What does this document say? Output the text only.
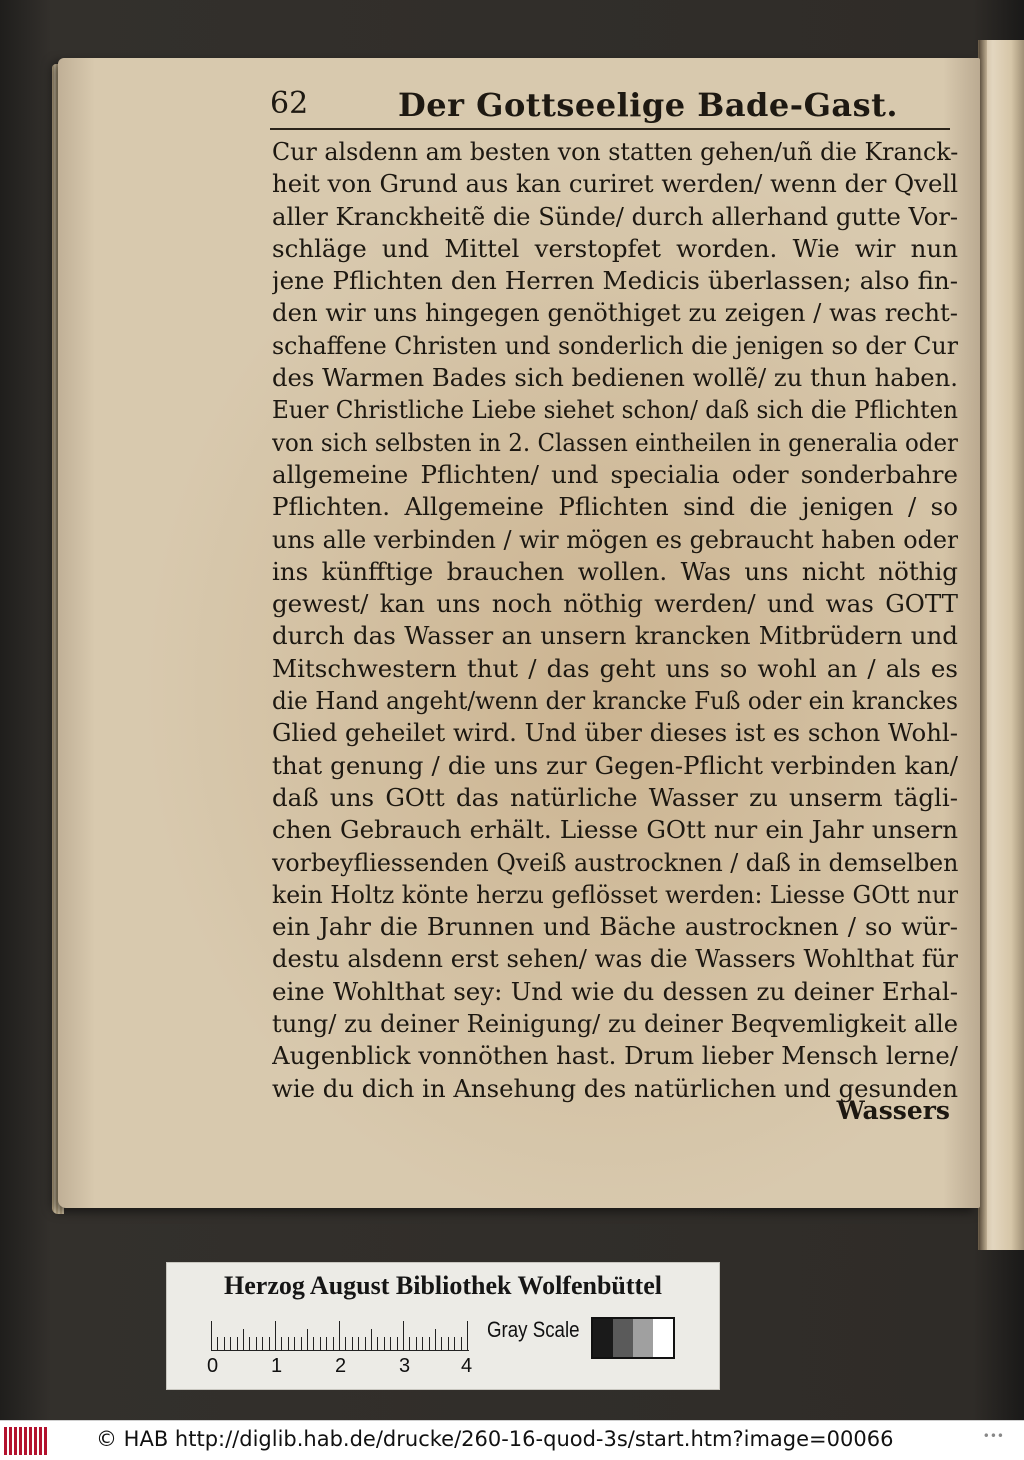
62	Der Gottseelige Bade-Gast.
Cur alsdenn am besten von statten gehen/uñ die Kranck-
heit von Grund aus kan curiret werden/ wenn der Qvell
aller Kranckheitẽ die Sünde/ durch allerhand gutte Vor-
schläge und Mittel verstopfet worden. Wie wir nun
jene Pflichten den Herren Medicis überlassen; also fin-
den wir uns hingegen genöthiget zu zeigen / was recht-
schaffene Christen und sonderlich die jenigen so der Cur
des Warmen Bades sich bedienen wollẽ/ zu thun haben.
Euer Christliche Liebe siehet schon/ daß sich die Pflichten
von sich selbsten in 2. Classen eintheilen in generalia oder
allgemeine Pflichten/ und specialia oder sonderbahre
Pflichten. Allgemeine Pflichten sind die jenigen / so
uns alle verbinden / wir mögen es gebraucht haben oder
ins künfftige brauchen wollen. Was uns nicht nöthig
gewest/ kan uns noch nöthig werden/ und was GOTT
durch das Wasser an unsern krancken Mitbrüdern und
Mitschwestern thut / das geht uns so wohl an / als es
die Hand angeht/wenn der krancke Fuß oder ein kranckes
Glied geheilet wird. Und über dieses ist es schon Wohl-
that genung / die uns zur Gegen-Pflicht verbinden kan/
daß uns GOtt das natürliche Wasser zu unserm tägli-
chen Gebrauch erhält. Liesse GOtt nur ein Jahr unsern
vorbeyfliessenden Qveiß austrocknen / daß in demselben
kein Holtz könte herzu geflösset werden: Liesse GOtt nur
ein Jahr die Brunnen und Bäche austrocknen / so wür-
destu alsdenn erst sehen/ was die Wassers Wohlthat für
eine Wohlthat sey: Und wie du dessen zu deiner Erhal-
tung/ zu deiner Reinigung/ zu deiner Beqvemligkeit alle
Augenblick vonnöthen hast. Drum lieber Mensch lerne/
wie du dich in Ansehung des natürlichen und gesunden
Wassers
Herzog August Bibliothek Wolfenbüttel
0	1	2	3	4
Gray Scale
© HAB http://diglib.hab.de/drucke/260-16-quod-3s/start.htm?image=00066	•••
